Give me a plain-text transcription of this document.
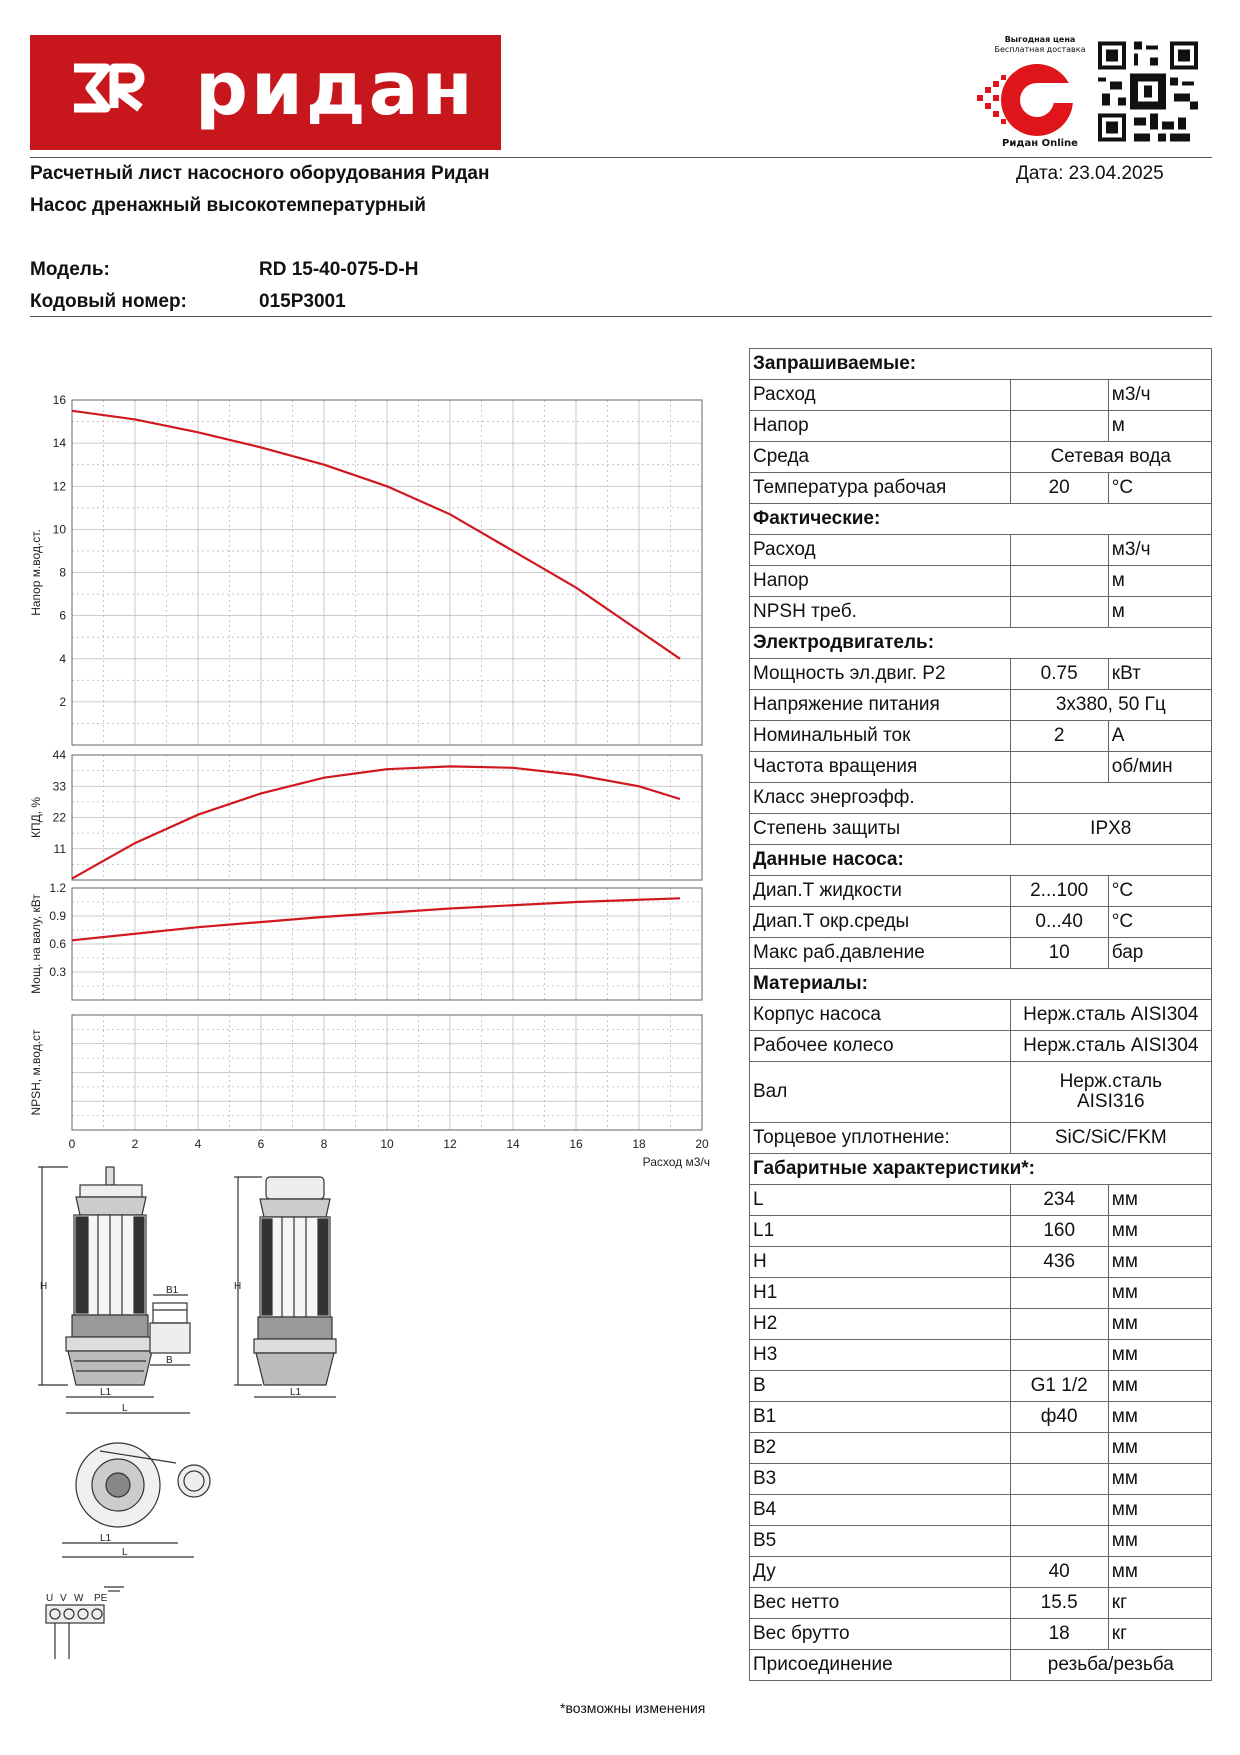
ридан
Выгодная цена
Бесплатная доставка
Ридан Online
Расчетный лист насосного оборудования Ридан	Дата: 23.04.2025
Насос дренажный высокотемпературный
Модель:	RD 15-40-075-D-H
Кодовый номер:	015P3001
2
4
6
8
10
12
14
16
Напор м.вод.ст.
11
22
33
44
КПД, %
0.3
0.6
0.9
1.2
Мощ. на валу, кВт
NPSH, м.вод.ст
0	2	4	6	8	10	12	14	16	18	20
Расход м3/ч
H	B1
B
L1
L
H
L1
L1
L
U V W PE
*возможны изменения
Запрашиваемые:		
Расход		м3/ч
Напор		м
Среда	Сетевая вода	
Температура рабочая	20	°C
Фактические:		
Расход		м3/ч
Напор		м
NPSH треб.		м
Электродвигатель:		
Мощность эл.двиг. P2	0.75	кВт
Напряжение питания	3x380, 50 Гц	
Номинальный ток	2	А
Частота вращения		об/мин
Класс энергоэфф.		
Степень защиты	IPX8	
Данные насоса:		
Диап.Т жидкости	2...100	°C
Диап.Т окр.среды	0...40	°C
Макс раб.давление	10	бар
Материалы:		
Корпус насоса	Нерж.сталь AISI304	
Рабочее колесо	Нерж.сталь AISI304	
Вал	Нерж.сталь
AISI316	
Торцевое уплотнение:	SiC/SiC/FKM	
Габаритные характеристики*:		
L	234	мм
L1	160	мм
H	436	мм
H1		мм
H2		мм
H3		мм
B	G1 1/2	мм
B1	ф40	мм
B2		мм
B3		мм
B4		мм
B5		мм
Ду	40	мм
Вес нетто	15.5	кг
Вес брутто	18	кг
Присоединение	резьба/резьба	
